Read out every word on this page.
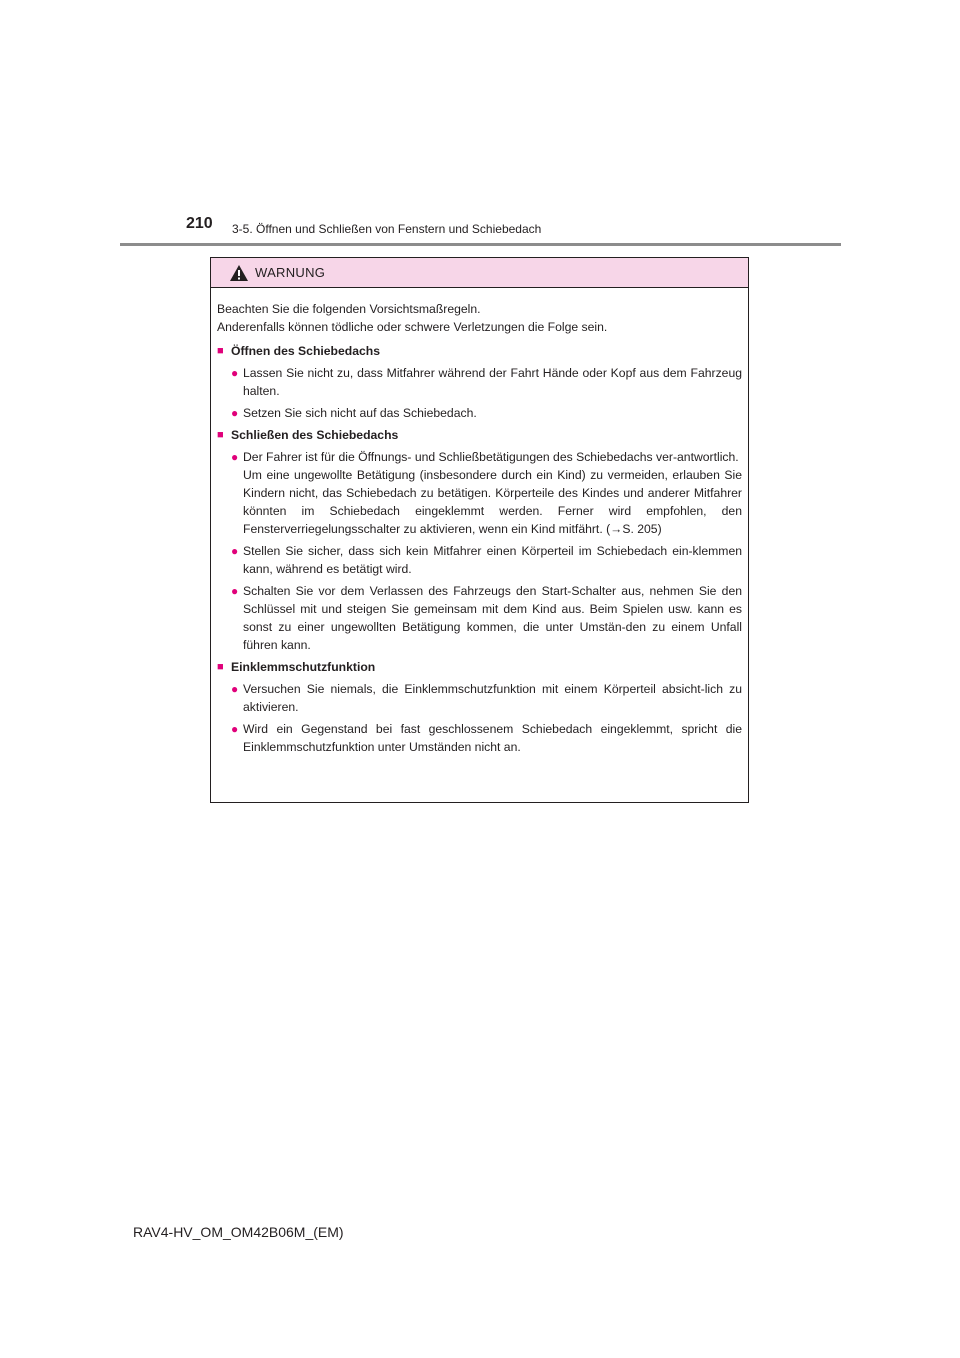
210 3-5. Öffnen und Schließen von Fenstern und Schiebedach
WARNUNG

Beachten Sie die folgenden Vorsichtsmaßregeln.
Anderenfalls können tödliche oder schwere Verletzungen die Folge sein.

■ Öffnen des Schiebedachs
● Lassen Sie nicht zu, dass Mitfahrer während der Fahrt Hände oder Kopf aus dem Fahrzeug halten.
● Setzen Sie sich nicht auf das Schiebedach.
■ Schließen des Schiebedachs
● Der Fahrer ist für die Öffnungs- und Schließbetätigungen des Schiebedachs ver-antwortlich.
Um eine ungewollte Betätigung (insbesondere durch ein Kind) zu vermeiden, erlauben Sie Kindern nicht, das Schiebedach zu betätigen. Körperteile des Kindes und anderer Mitfahrer könnten im Schiebedach eingeklemmt werden. Ferner wird empfohlen, den Fensterverriegelungsschalter zu aktivieren, wenn ein Kind mitfährt. (→S. 205)
● Stellen Sie sicher, dass sich kein Mitfahrer einen Körperteil im Schiebedach ein-klemmen kann, während es betätigt wird.
● Schalten Sie vor dem Verlassen des Fahrzeugs den Start-Schalter aus, nehmen Sie den Schlüssel mit und steigen Sie gemeinsam mit dem Kind aus. Beim Spielen usw. kann es sonst zu einer ungewollten Betätigung kommen, die unter Umstän-den zu einem Unfall führen kann.
■ Einklemmschutzfunktion
● Versuchen Sie niemals, die Einklemmschutzfunktion mit einem Körperteil absicht-lich zu aktivieren.
● Wird ein Gegenstand bei fast geschlossenem Schiebedach eingeklemmt, spricht die Einklemmschutzfunktion unter Umständen nicht an.
RAV4-HV_OM_OM42B06M_(EM)
